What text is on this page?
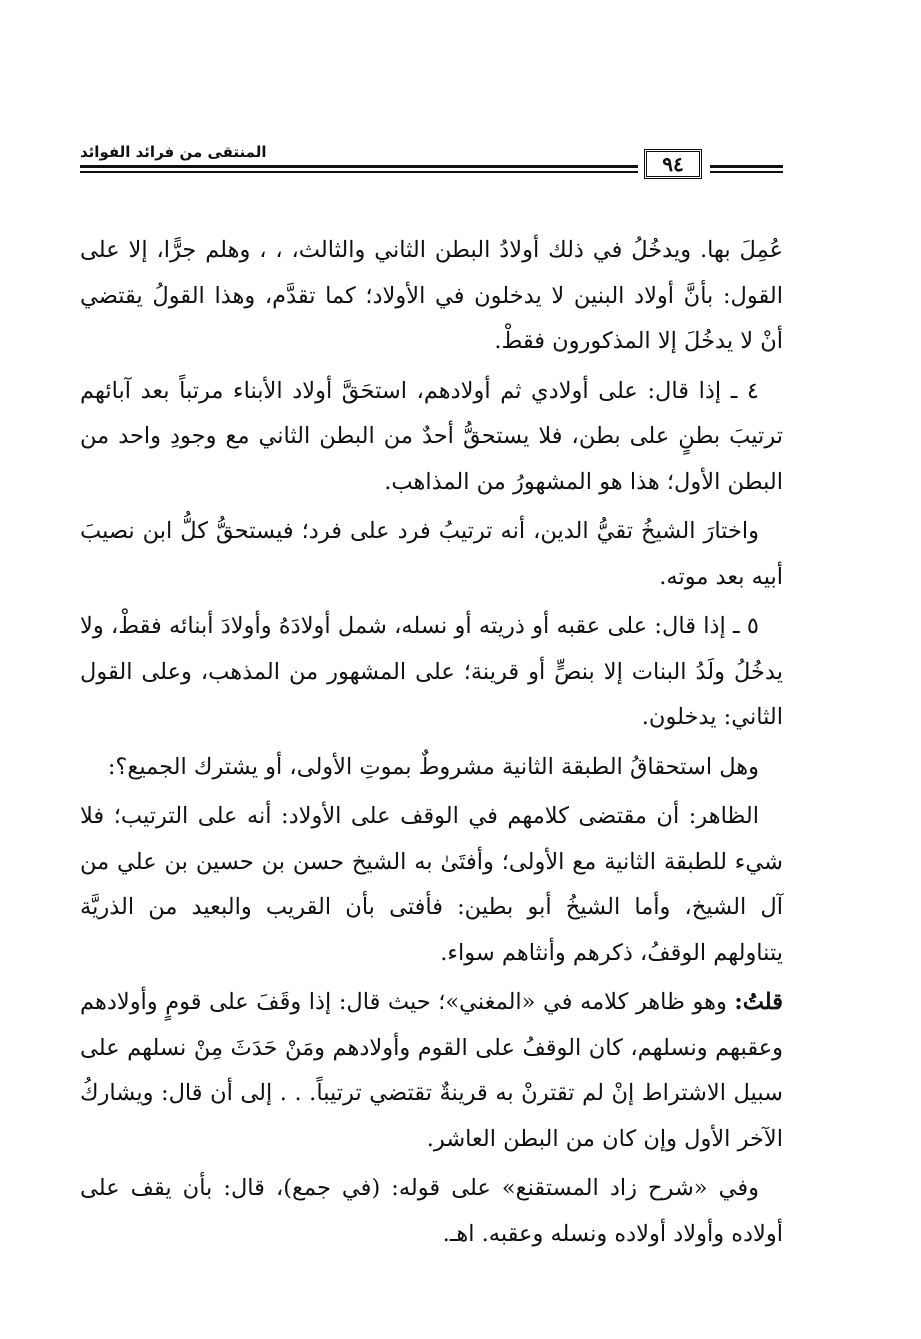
المنتقى من فرائد الفوائد	٩٤

عُمِلَ بها. ويدخُلُ في ذلك أولادُ البطن الثاني والثالث، ، ، وهلم جرًّا، إلا على القول: بأنَّ أولاد البنين لا يدخلون في الأولاد؛ كما تقدَّم، وهذا القولُ يقتضي أنْ لا يدخُلَ إلا المذكورون فقطْ.

٤ ـ إذا قال: على أولادي ثم أولادهم، استحَقَّ أولاد الأبناء مرتباً بعد آبائهم ترتيبَ بطنٍ على بطن، فلا يستحقُّ أحدٌ من البطن الثاني مع وجودِ واحد من البطن الأول؛ هذا هو المشهورُ من المذاهب.

واختارَ الشيخُ تقيُّ الدين، أنه ترتيبُ فرد على فرد؛ فيستحقُّ كلُّ ابن نصيبَ أبيه بعد موته.

٥ ـ إذا قال: على عقبه أو ذريته أو نسله، شمل أولادَهُ وأولادَ أبنائه فقطْ، ولا يدخُلُ ولَدُ البنات إلا بنصٍّ أو قرينة؛ على المشهور من المذهب، وعلى القول الثاني: يدخلون.

وهل استحقاقُ الطبقة الثانية مشروطٌ بموتِ الأولى، أو يشترك الجميع؟:

الظاهر: أن مقتضى كلامهم في الوقف على الأولاد: أنه على الترتيب؛ فلا شيء للطبقة الثانية مع الأولى؛ وأفتَىٰ به الشيخ حسن بن حسين بن علي من آل الشيخ، وأما الشيخُ أبو بطين: فأفتى بأن القريب والبعيد من الذريَّة يتناولهم الوقفُ، ذكرهم وأنثاهم سواء.

قلتُ: وهو ظاهر كلامه في «المغني»؛ حيث قال: إذا وقَفَ على قومٍ وأولادهم وعقبهم ونسلهم، كان الوقفُ على القوم وأولادهم ومَنْ حَدَثَ مِنْ نسلهم على سبيل الاشتراط إنْ لم تقترنْ به قرينةٌ تقتضي ترتيباً. . . إلى أن قال: ويشاركُ الآخر الأول وإن كان من البطن العاشر.

وفي «شرح زاد المستقنع» على قوله: (في جمع)، قال: بأن يقف على أولاده وأولاد أولاده ونسله وعقبه. اهـ.
